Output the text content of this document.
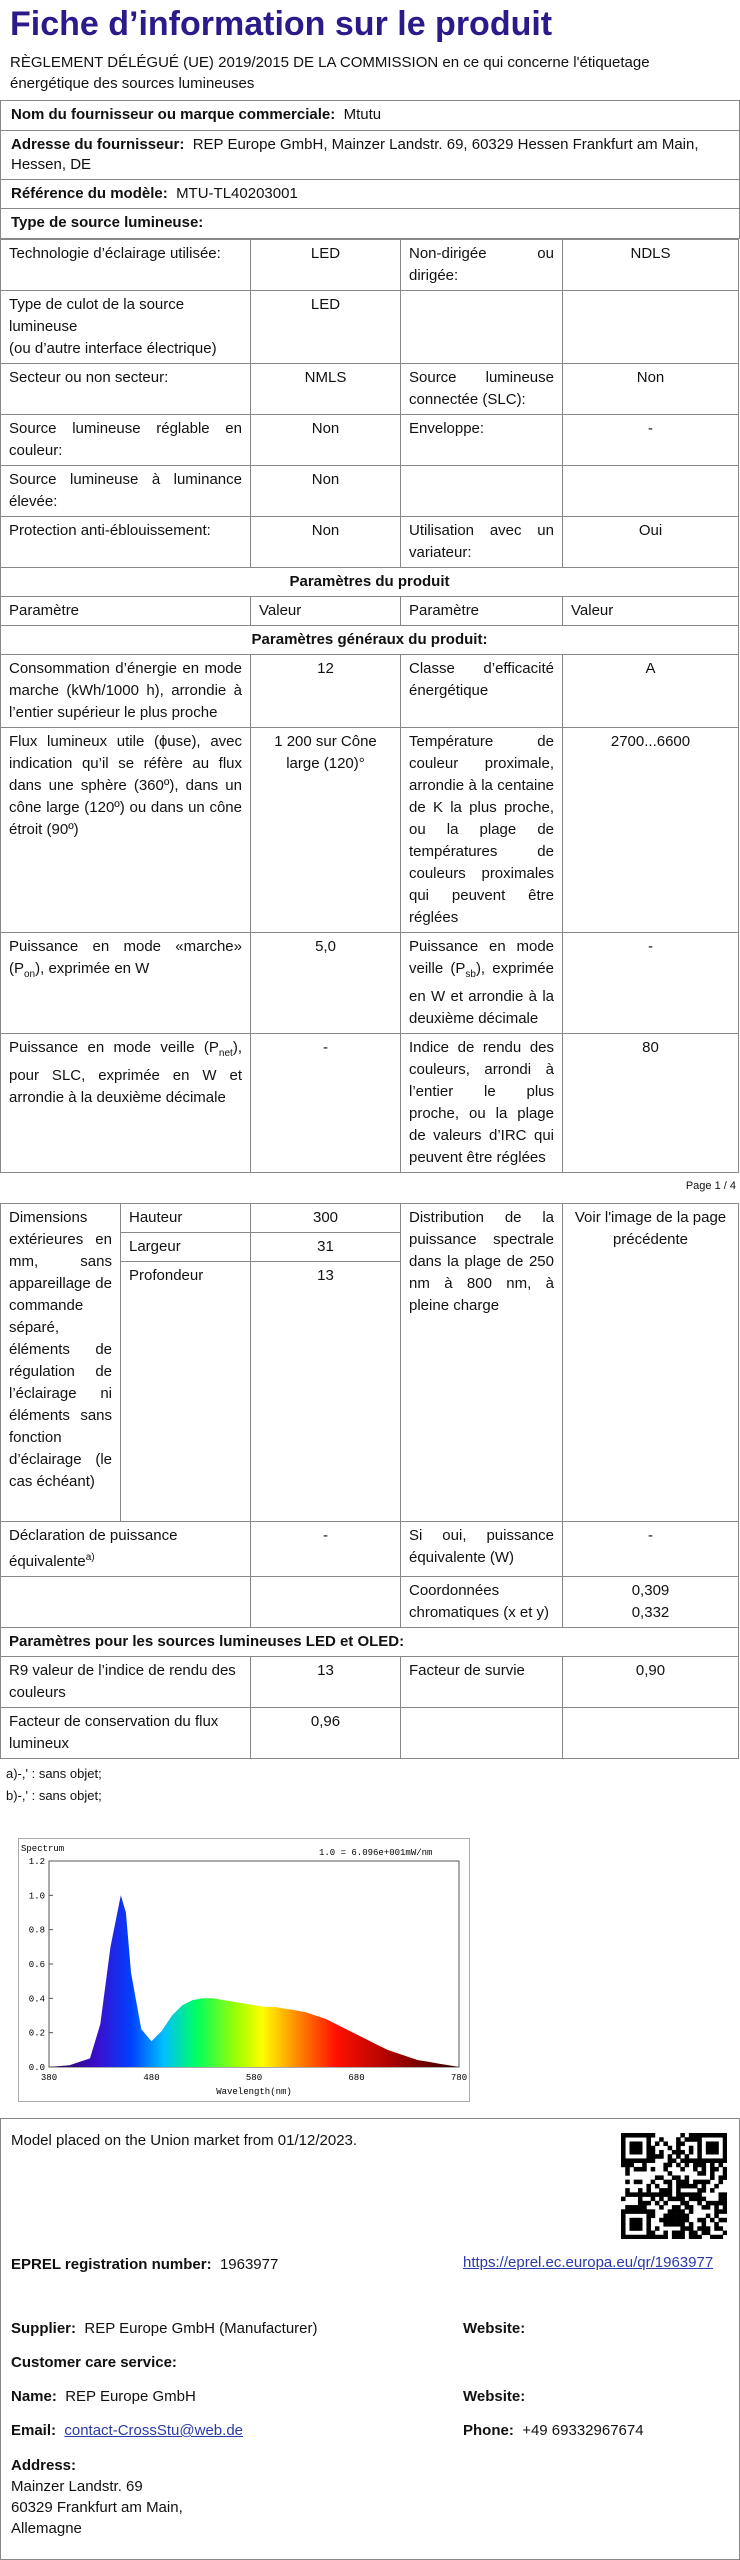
Fiche d’information sur le produit
RÈGLEMENT DÉLÉGUÉ (UE) 2019/2015 DE LA COMMISSION en ce qui concerne l'étiquetage énergétique des sources lumineuses
Nom du fournisseur ou marque commerciale: Mtutu
Adresse du fournisseur: REP Europe GmbH, Mainzer Landstr. 69, 60329 Hessen Frankfurt am Main, Hessen, DE
Référence du modèle: MTU-TL40203001
Type de source lumineuse:
Technologie d’éclairage utilisée:	LED	Non-dirigée ou dirigée:	NDLS
Type de culot de la source lumineuse
(ou d’autre interface électrique)	LED		
Secteur ou non secteur:	NMLS	Source lumineuse connectée (SLC):	Non
Source lumineuse réglable en couleur:	Non	Enveloppe:	-
Source lumineuse à luminance élevée:	Non		
Protection anti-éblouissement:	Non	Utilisation avec un variateur:	Oui
Paramètres du produit			
Paramètre	Valeur	Paramètre	Valeur
Paramètres généraux du produit:			
Consommation d’énergie en mode marche (kWh/1000 h), arrondie à l’entier supérieur le plus proche	12	Classe d’efficacité énergétique	A
Flux lumineux utile (ɸuse), avec indication qu’il se réfère au flux dans une sphère (360º), dans un cône large (120º) ou dans un cône étroit (90º)	1 200 sur Cône large (120)°	Température de couleur proximale, arrondie à la centaine de K la plus proche, ou la plage de températures de couleurs proximales qui peuvent être réglées	2700...6600
Puissance en mode «marche» $(P_{on})$, exprimée en W	5,0	Puissance en mode veille $(P_{sb})$, exprimée en W et arrondie à la deuxième décimale	-
Puissance en mode veille $(P_{net})$, pour SLC, exprimée en W et arrondie à la deuxième décimale	-	Indice de rendu des couleurs, arrondi à l’entier le plus proche, ou la plage de valeurs d’IRC qui peuvent être réglées	80
Page 1 / 4
Dimensions extérieures en mm, sans appareillage de commande séparé, éléments de régulation de l’éclairage ni éléments sans fonction d’éclairage (le cas échéant)	Hauteur	300	Distribution de la puissance spectrale dans la plage de 250 nm à 800 nm, à pleine charge	Voir l'image de la page précédente
	Largeur	31		
	Profondeur	13		
Déclaration de puissance équivalente$^{a)}$		-	Si oui, puissance équivalente (W)	-
			Coordonnées chromatiques (x et y)	0,309
0,332
Paramètres pour les sources lumineuses LED et OLED:				
R9 valeur de l’indice de rendu des couleurs		13	Facteur de survie	0,90
Facteur de conservation du flux lumineux		0,96		
a)-,' : sans objet;
b)-,' : sans objet;
Spectrum	1.0 = 6.096e+001mW/nm
Wavelength(nm)
380	480	580	680	780
0.0
0.2
0.4
0.6
0.8
1.0
1.2
Model placed on the Union market from 01/12/2023.
EPREL registration number: 1963977	https://eprel.ec.europa.eu/qr/1963977
Supplier: REP Europe GmbH (Manufacturer)	Website:
Customer care service:
Name: REP Europe GmbH	Website:
Email: contact-CrossStu@web.de	Phone: +49 69332967674
Address:
Mainzer Landstr. 69
60329 Frankfurt am Main,
Allemagne
